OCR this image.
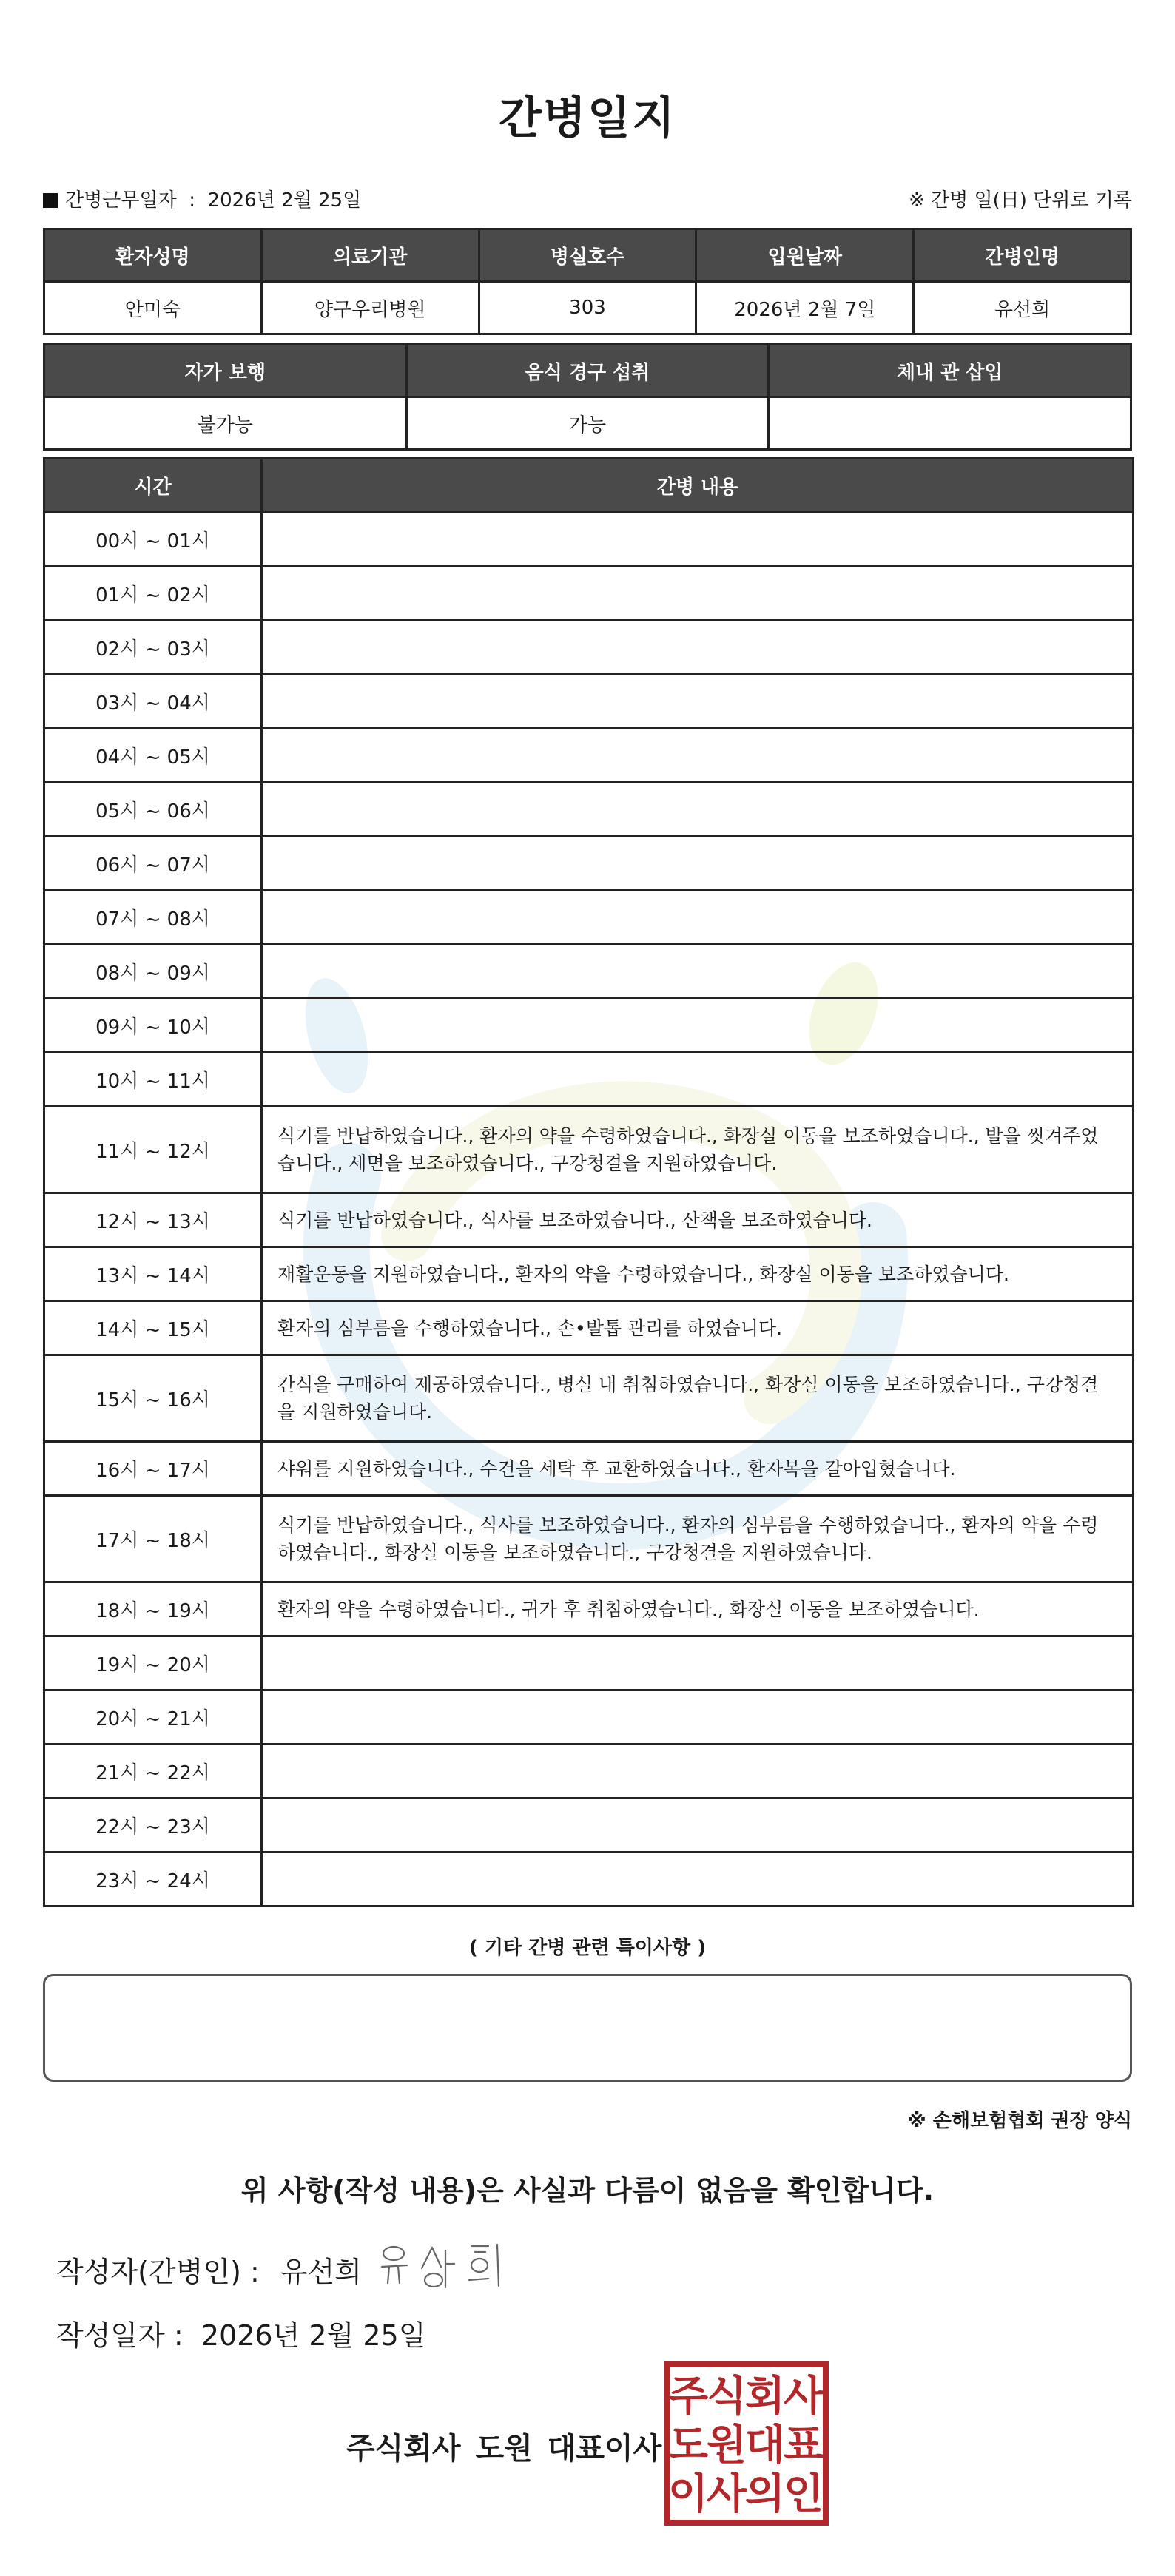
간병일지
간병근무일자 : 2026년 2월 25일	※ 간병 일(日) 단위로 기록
환자성명	의료기관	병실호수	입원날짜	간병인명
안미숙	양구우리병원	303	2026년 2월 7일	유선희
자가 보행	음식 경구 섭취	체내 관 삽입
불가능	가능	
시간	간병 내용
00시 ~ 01시	
01시 ~ 02시	
02시 ~ 03시	
03시 ~ 04시	
04시 ~ 05시	
05시 ~ 06시	
06시 ~ 07시	
07시 ~ 08시	
08시 ~ 09시	
09시 ~ 10시	
10시 ~ 11시	
11시 ~ 12시	식기를 반납하였습니다., 환자의 약을 수령하였습니다., 화장실 이동을 보조하였습니다., 발을 씻겨주었습니다., 세면을 보조하였습니다., 구강청결을 지원하였습니다.
12시 ~ 13시	식기를 반납하였습니다., 식사를 보조하였습니다., 산책을 보조하였습니다.
13시 ~ 14시	재활운동을 지원하였습니다., 환자의 약을 수령하였습니다., 화장실 이동을 보조하였습니다.
14시 ~ 15시	환자의 심부름을 수행하였습니다., 손•발톱 관리를 하였습니다.
15시 ~ 16시	간식을 구매하여 제공하였습니다., 병실 내 취침하였습니다., 화장실 이동을 보조하였습니다., 구강청결을 지원하였습니다.
16시 ~ 17시	샤워를 지원하였습니다., 수건을 세탁 후 교환하였습니다., 환자복을 갈아입혔습니다.
17시 ~ 18시	식기를 반납하였습니다., 식사를 보조하였습니다., 환자의 심부름을 수행하였습니다., 환자의 약을 수령하였습니다., 화장실 이동을 보조하였습니다., 구강청결을 지원하였습니다.
18시 ~ 19시	환자의 약을 수령하였습니다., 귀가 후 취침하였습니다., 화장실 이동을 보조하였습니다.
19시 ~ 20시	
20시 ~ 21시	
21시 ~ 22시	
22시 ~ 23시	
23시 ~ 24시	
( 기타 간병 관련 특이사항 )
※ 손해보험협회 권장 양식
위 사항(작성 내용)은 사실과 다름이 없음을 확인합니다.
작성자(간병인) : 유선희
작성일자 : 2026년 2월 25일
주식회사 도원 대표이사
주
식
회
사
도
원
대
표
이
사
의
인
